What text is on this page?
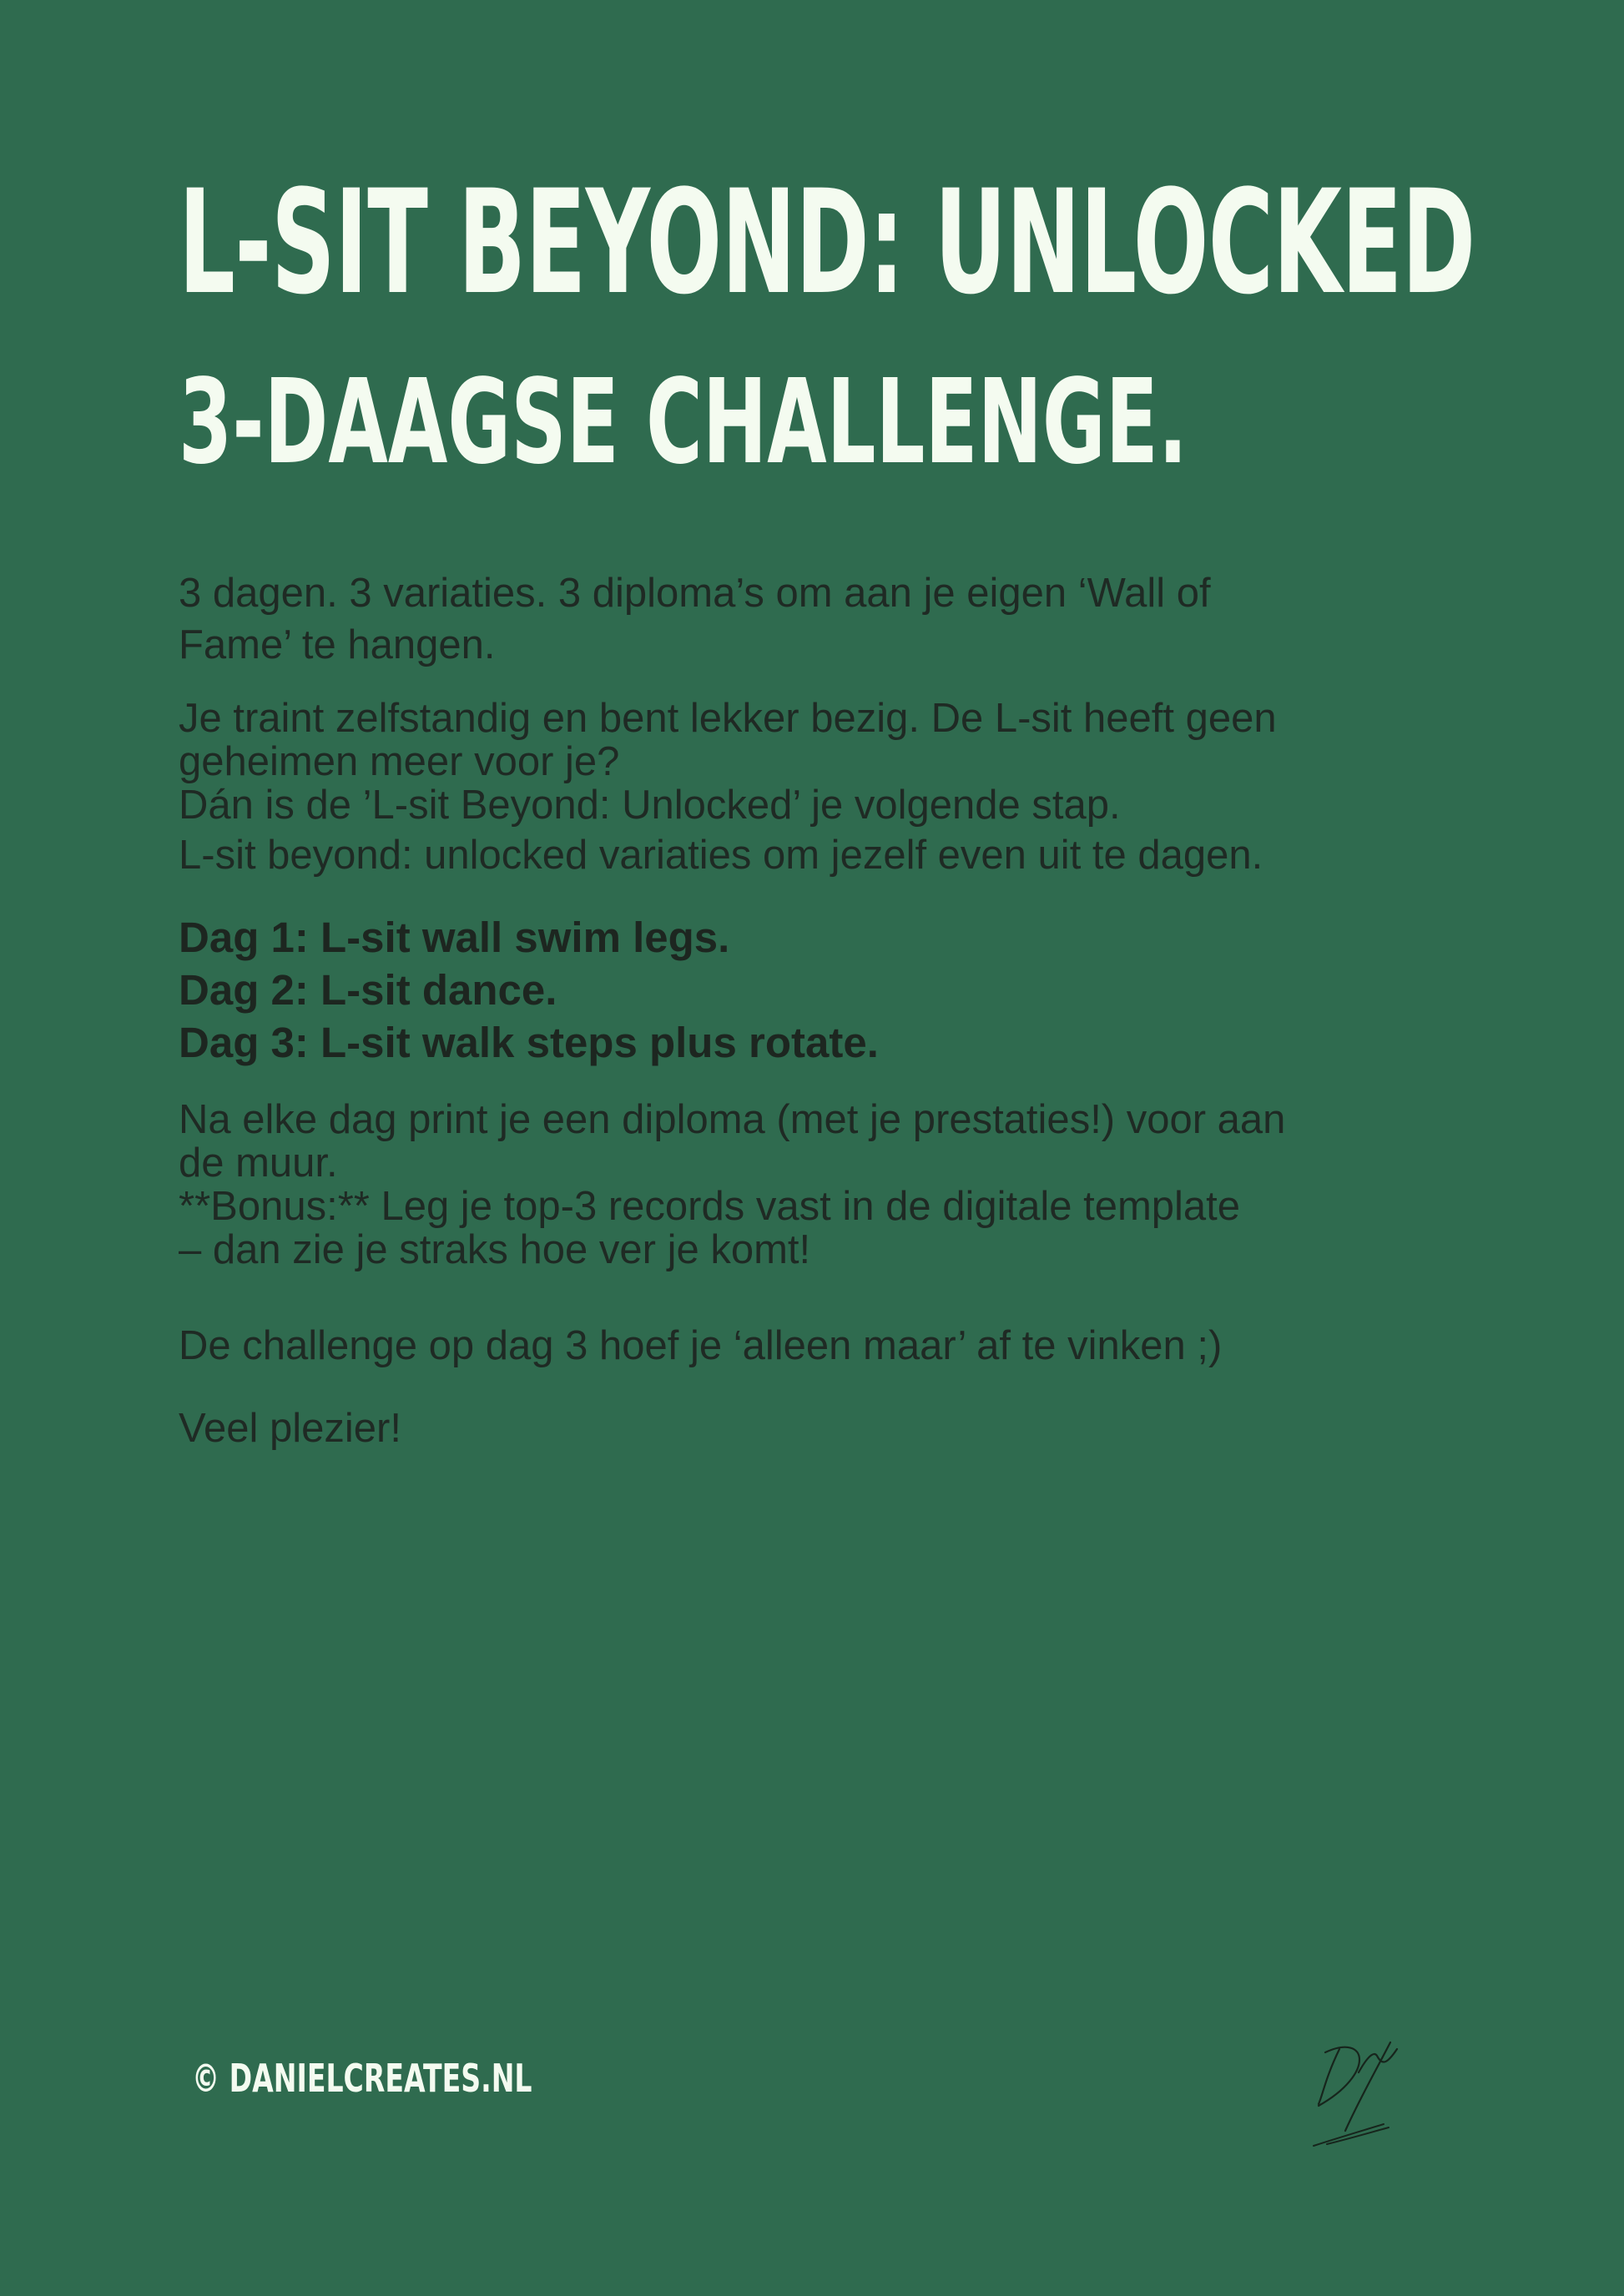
L-SIT BEYOND: UNLOCKED
3-DAAGSE CHALLENGE.

3 dagen. 3 variaties. 3 diploma’s om aan je eigen ‘Wall of
Fame’ te hangen.

Je traint zelfstandig en bent lekker bezig. De L-sit heeft geen
geheimen meer voor je?
Dán is de ’L-sit Beyond: Unlocked’ je volgende stap.
L-sit beyond: unlocked variaties om jezelf even uit te dagen.

Dag 1: L-sit wall swim legs.
Dag 2: L-sit dance.
Dag 3: L-sit walk steps plus rotate.

Na elke dag print je een diploma (met je prestaties!) voor aan
de muur.
**Bonus:** Leg je top-3 records vast in de digitale template
– dan zie je straks hoe ver je komt!

De challenge op dag 3 hoef je ‘alleen maar’ af te vinken ;)

Veel plezier!

© DANIELCREATES.NL
